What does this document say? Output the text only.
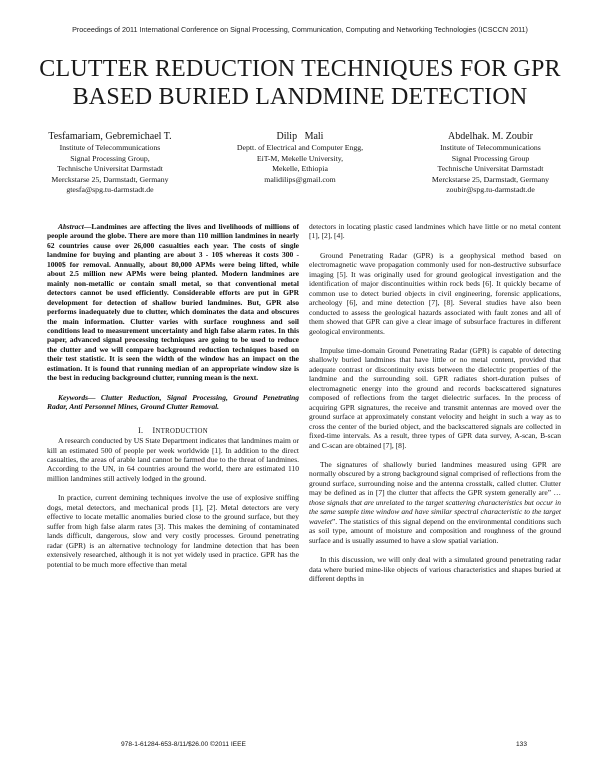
Proceedings of 2011 International Conference on Signal Processing, Communication, Computing and Networking Technologies (ICSCCN 2011)
CLUTTER REDUCTION TECHNIQUES FOR GPR
BASED BURIED LANDMINE DETECTION
Tesfamariam, Gebremichael T.
Institute of Telecommunications
Signal Processing Group,
Technische Universitat Darmstadt
Merckstarse 25, Darmstadt, Germany
gtesfa@spg.tu-darmstadt.de
Dilip   Mali
Deptt. of Electrical and Computer Engg,
EiT-M, Mekelle University,
Mekelle, Ethiopia
malidilips@gmail.com
Abdelhak. M. Zoubir
Institute of Telecommunications
Signal Processing Group
Technische Universitat Darmstadt
Merckstarse 25, Darmstadt, Germany
zoubir@spg.tu-darmstadt.de

Abstract—Landmines are affecting the lives and livelihoods of millions of people around the globe. There are more than 110 million landmines in nearly 62 countries cause over 26,000 casualties each year. The costs of single landmine for buying and planting are about 3 - 10$ whereas it costs 300 - 1000$ for removal. Annually, about 80,000 APMs were being lifted, while about 2.5 million new APMs were being planted. Modern landmines are mainly non-metallic or contain small metal, so that conventional metal detectors cannot be used efficiently. Considerable efforts are put in GPR development for detection of shallow buried landmines. But, GPR also performs inadequately due to clutter, which dominates the data and obscures the main information. Clutter varies with surface roughness and soil conditions lead to measurement uncertainty and high false alarm rates. In this paper, advanced signal processing techniques are going to be used to reduce the clutter and we will compare background reduction techniques based on their test statistic. It is seen the width of the window has an impact on the estimation. It is found that running median of an appropriate window size is the best in reducing background clutter, running mean is the next.

Keywords— Clutter Reduction, Signal Processing, Ground Penetrating Radar, Anti Personnel Mines, Ground Clutter Removal.

I. INTRODUCTION

A research conducted by US State Department indicates that landmines maim or kill an estimated 500 of people per week worldwide [1]. In addition to the direct casualties, the areas of arable land cannot be farmed due to the threat of landmines. According to the UN, in 64 countries around the world, there are estimated 110 million landmines still actively lodged in the ground.

In practice, current demining techniques involve the use of explosive sniffing dogs, metal detectors, and mechanical prods [1], [2]. Metal detectors are very effective to locate metallic anomalies buried close to the ground surface, but they suffer from high false alarm rates [3]. This makes the demining of contaminated lands difficult, dangerous, slow and very costly processes. Ground penetrating radar (GPR) is an alternative technology for landmine detection that has been extensively researched, although it is not yet widely used in practice. GPR has the potential to be much more effective than metal

detectors in locating plastic cased landmines which have little or no metal content [1], [2], [4].

Ground Penetrating Radar (GPR) is a geophysical method based on electromagnetic wave propagation commonly used for non-destructive subsurface imaging [5]. It was originally used for ground geological investigation and the identification of major discontinuities within rock beds [6]. It quickly became of common use to detect buried objects in civil engineering, forensic applications, archeology [6], and mine detection [7], [8]. Several studies have also been conducted to assess the geological hazards associated with fault zones and all of them showed that GPR can give a clear image of subsurface fractures in different geological environments.

Impulse time-domain Ground Penetrating Radar (GPR) is capable of detecting shallowly buried landmines that have little or no metal content, provided that adequate contrast or discontinuity exists between the dielectric properties of the landmine and the surrounding soil. GPR radiates short-duration pulses of electromagnetic energy into the ground and records backscattered signatures composed of reflections from the target dielectric surfaces. In the process of acquiring GPR signatures, the receive and transmit antennas are moved over the ground surface at approximately constant velocity and height in such a way as to cross the center of the buried object, and the backscattered signals are collected in fixed-time intervals. As a result, three types of GPR data survey, A-scan, B-scan and C-scan are obtained [7], [8].

The signatures of shallowly buried landmines measured using GPR are normally obscured by a strong background signal comprised of reflections from the ground surface, surrounding noise and the antenna crosstalk, called clutter. Clutter may be defined as in [7] the clutter that affects the GPR system generally are” … those signals that are unrelated to the target scattering characteristics but occur in the same sample time window and have similar spectral characteristic to the target wavelet”. The statistics of this signal depend on the environmental conditions such as soil type, amount of moisture and composition and roughness of the ground surface and is usually assumed to have a slow spatial variation.

In this discussion, we will only deal with a simulated ground penetrating radar data where buried mine-like objects of various characteristics and shapes buried at different depths in

978-1-61284-653-8/11/$26.00 ©2011 IEEE	133
